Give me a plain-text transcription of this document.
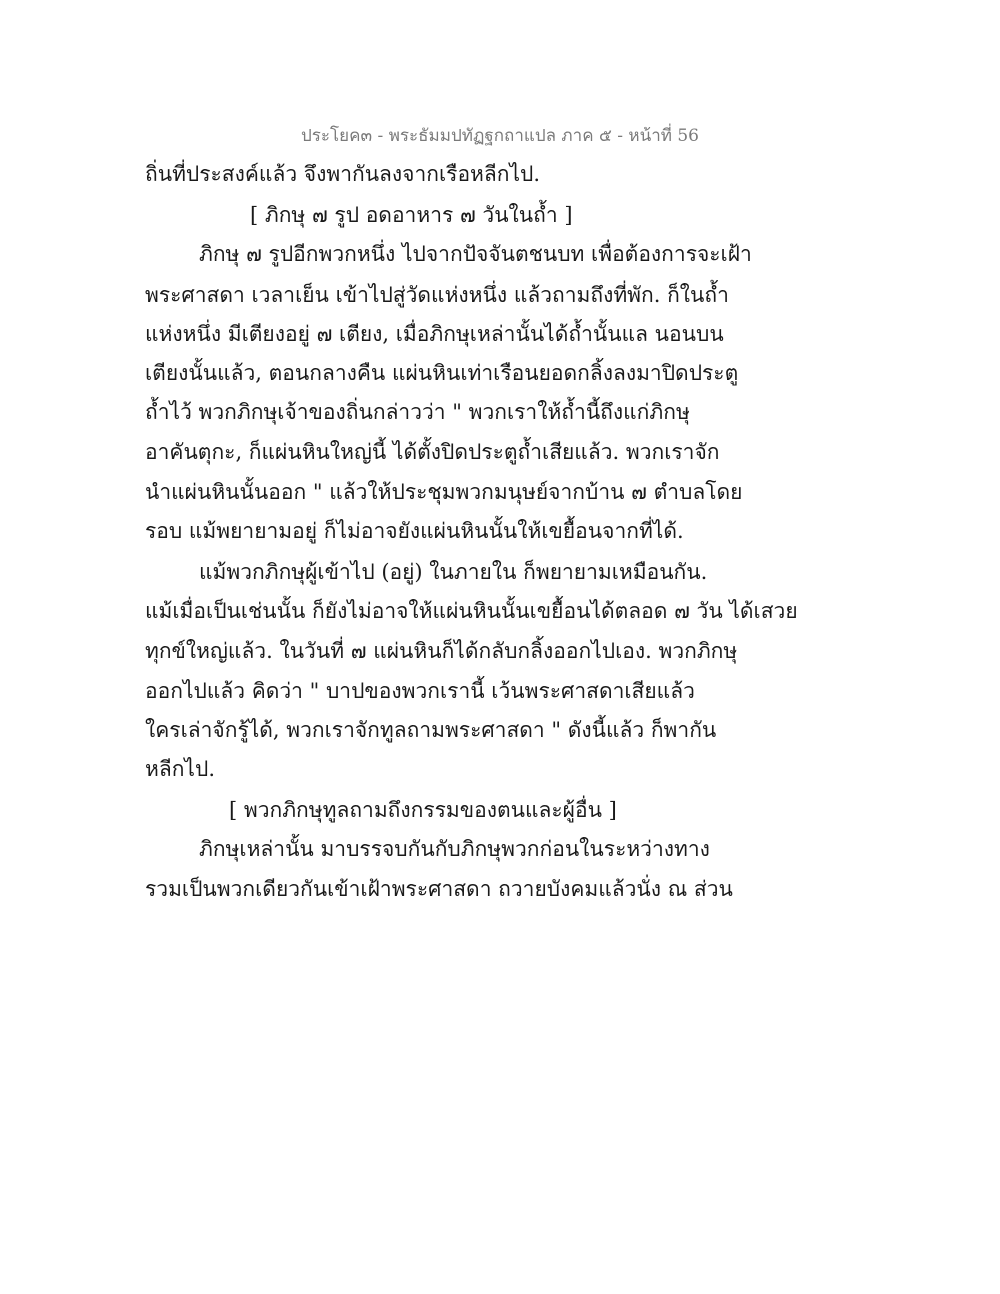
ประโยค๓ - พระธัมมปทัฏฐกถาแปล ภาค ๕ - หน้าที่ 56
ถิ่นที่ประสงค์แล้ว จึงพากันลงจากเรือหลีกไป.
[ ภิกษุ ๗ รูป อดอาหาร ๗ วันในถ้ำ ]
ภิกษุ ๗ รูปอีกพวกหนึ่ง ไปจากปัจจันตชนบท เพื่อต้องการจะเฝ้า
พระศาสดา เวลาเย็น เข้าไปสู่วัดแห่งหนึ่ง แล้วถามถึงที่พัก. ก็ในถ้ำ
แห่งหนึ่ง มีเตียงอยู่ ๗ เตียง, เมื่อภิกษุเหล่านั้นได้ถ้ำนั้นแล นอนบน
เตียงนั้นแล้ว, ตอนกลางคืน แผ่นหินเท่าเรือนยอดกลิ้งลงมาปิดประตู
ถ้ำไว้ พวกภิกษุเจ้าของถิ่นกล่าวว่า " พวกเราให้ถ้ำนี้ถึงแก่ภิกษุ
อาคันตุกะ, ก็แผ่นหินใหญ่นี้ ได้ตั้งปิดประตูถ้ำเสียแล้ว. พวกเราจัก
นำแผ่นหินนั้นออก " แล้วให้ประชุมพวกมนุษย์จากบ้าน ๗ ตำบลโดย
รอบ แม้พยายามอยู่ ก็ไม่อาจยังแผ่นหินนั้นให้เขยื้อนจากที่ได้.
แม้พวกภิกษุผู้เข้าไป (อยู่) ในภายใน ก็พยายามเหมือนกัน.
แม้เมื่อเป็นเช่นนั้น ก็ยังไม่อาจให้แผ่นหินนั้นเขยื้อนได้ตลอด ๗ วัน ได้เสวย
ทุกข์ใหญ่แล้ว. ในวันที่ ๗ แผ่นหินก็ได้กลับกลิ้งออกไปเอง. พวกภิกษุ
ออกไปแล้ว คิดว่า " บาปของพวกเรานี้ เว้นพระศาสดาเสียแล้ว
ใครเล่าจักรู้ได้, พวกเราจักทูลถามพระศาสดา " ดังนี้แล้ว ก็พากัน
หลีกไป.
[ พวกภิกษุทูลถามถึงกรรมของตนและผู้อื่น ]
ภิกษุเหล่านั้น มาบรรจบกันกับภิกษุพวกก่อนในระหว่างทาง
รวมเป็นพวกเดียวกันเข้าเฝ้าพระศาสดา ถวายบังคมแล้วนั่ง ณ ส่วน
